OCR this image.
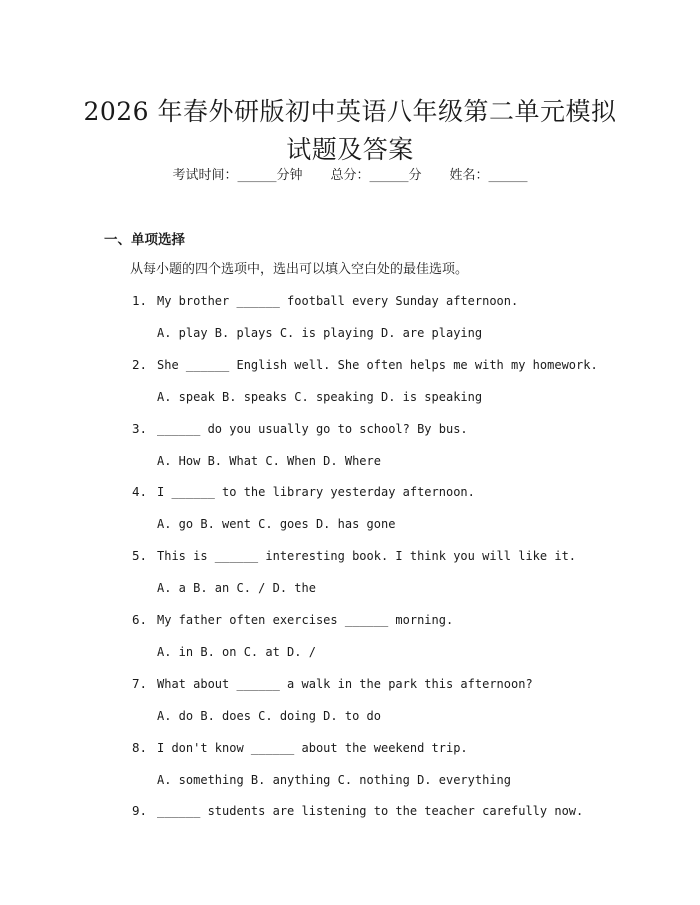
2026 年春外研版初中英语八年级第二单元模拟试题及答案
考试时间：______分钟 总分：______分 姓名：______
一、单项选择
从每小题的四个选项中，选出可以填入空白处的最佳选项。
1. My brother ______ football every Sunday afternoon.
A. play B. plays C. is playing D. are playing
2. She ______ English well. She often helps me with my homework.
A. speak B. speaks C. speaking D. is speaking
3. ______ do you usually go to school? By bus.
A. How B. What C. When D. Where
4. I ______ to the library yesterday afternoon.
A. go B. went C. goes D. has gone
5. This is ______ interesting book. I think you will like it.
A. a B. an C. / D. the
6. My father often exercises ______ morning.
A. in B. on C. at D. /
7. What about ______ a walk in the park this afternoon?
A. do B. does C. doing D. to do
8. I don't know ______ about the weekend trip.
A. something B. anything C. nothing D. everything
9. ______ students are listening to the teacher carefully now.
